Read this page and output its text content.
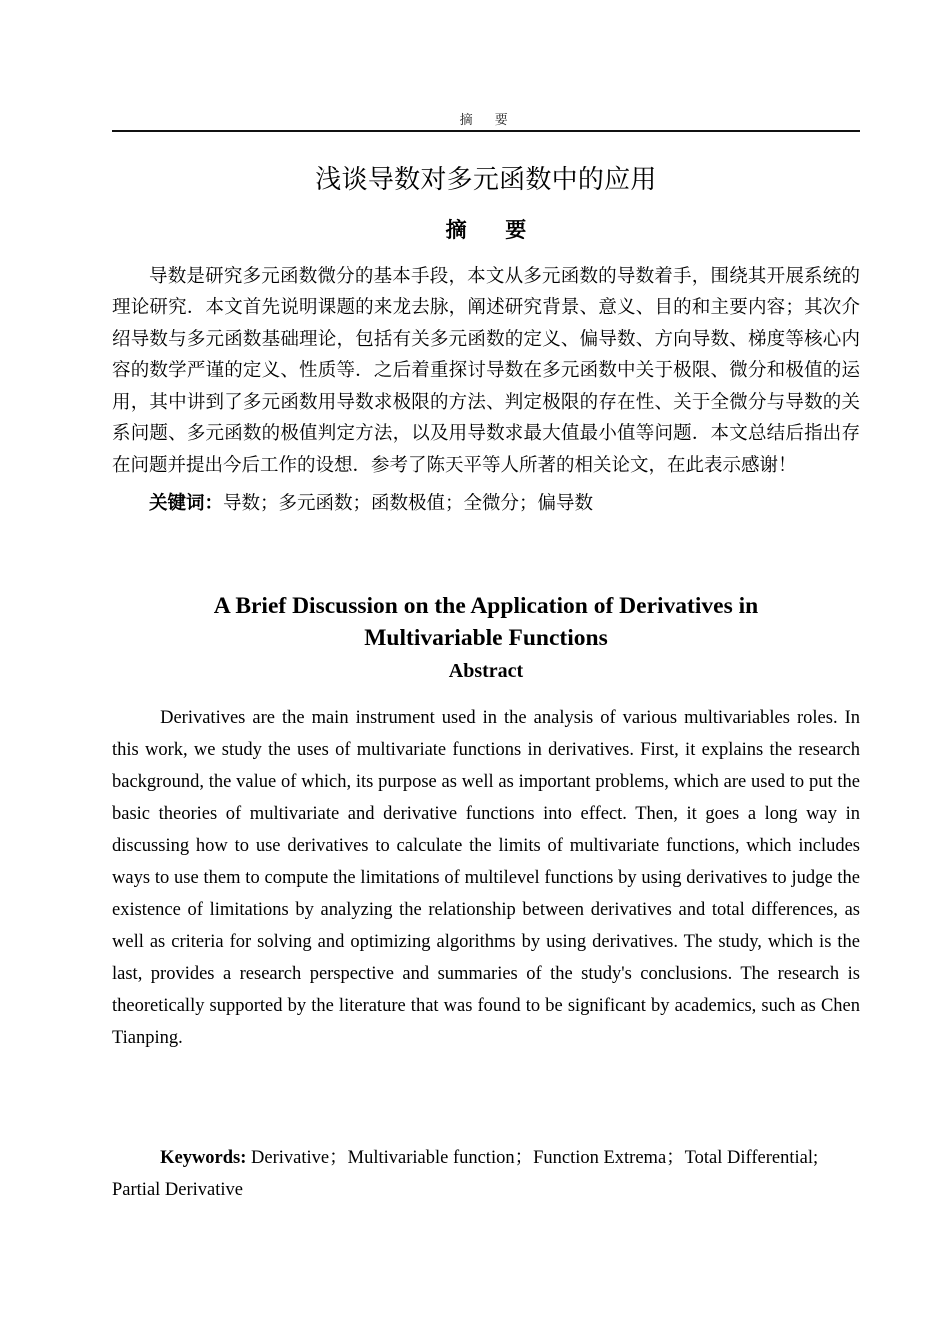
摘　要
浅谈导数对多元函数中的应用
摘　要

导数是研究多元函数微分的基本手段，本文从多元函数的导数着手，围绕其开展系统的理论研究．本文首先说明课题的来龙去脉，阐述研究背景、意义、目的和主要内容；其次介绍导数与多元函数基础理论，包括有关多元函数的定义、偏导数、方向导数、梯度等核心内容的数学严谨的定义、性质等．之后着重探讨导数在多元函数中关于极限、微分和极值的运用，其中讲到了多元函数用导数求极限的方法、判定极限的存在性、关于全微分与导数的关系问题、多元函数的极值判定方法，以及用导数求最大值最小值等问题．本文总结后指出存在问题并提出今后工作的设想．参考了陈天平等人所著的相关论文，在此表示感谢！

关键词：导数；多元函数；函数极值；全微分；偏导数

A Brief Discussion on the Application of Derivatives in Multivariable Functions
Abstract

Derivatives are the main instrument used in the analysis of various multivariables roles. In this work, we study the uses of multivariate functions in derivatives. First, it explains the research background, the value of which, its purpose as well as important problems, which are used to put the basic theories of multivariate and derivative functions into effect. Then, it goes a long way in discussing how to use derivatives to calculate the limits of multivariate functions, which includes ways to use them to compute the limitations of multilevel functions by using derivatives to judge the existence of limitations by analyzing the relationship between derivatives and total differences, as well as criteria for solving and optimizing algorithms by using derivatives. The study, which is the last, provides a research perspective and summaries of the study's conclusions. The research is theoretically supported by the literature that was found to be significant by academics, such as Chen Tianping.

Keywords: Derivative；Multivariable function；Function Extrema；Total Differential; Partial Derivative
